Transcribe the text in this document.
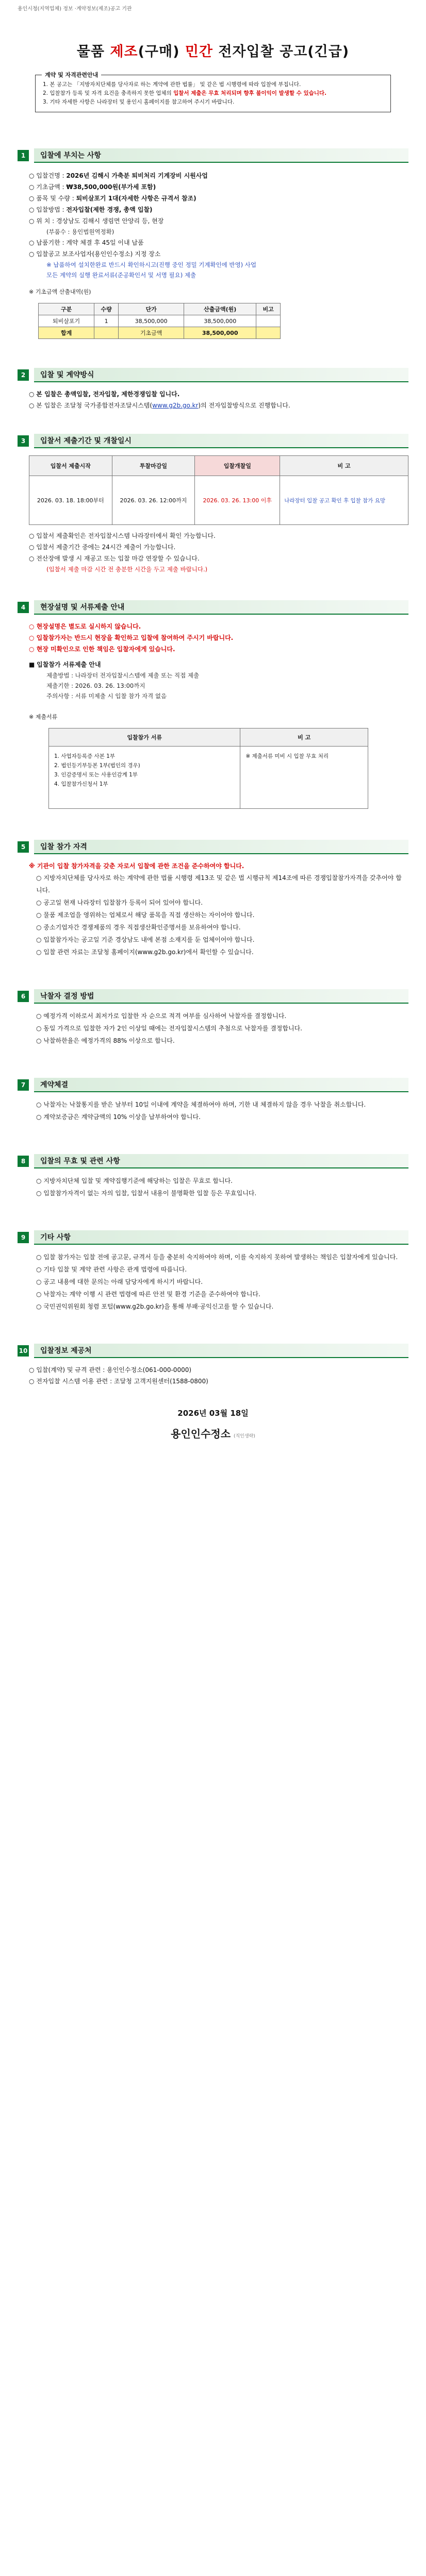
용인시청(지역업체) 정보 ·계약정보(제조)공고 기관
물품 제조(구매) 민간 전자입찰 공고(긴급)
계약 및 자격관련안내
1. 본 공고는 「지방자치단체를 당사자로 하는 계약에 관한 법률」 및 같은 법 시행령에 따라 입찰에 부칩니다.
2. 입찰참가 등록 및 자격 요건을 충족하지 못한 업체의 입찰서 제출은 무효 처리되며 향후 불이익이 발생할 수 있습니다.
3. 기타 자세한 사항은 나라장터 및 용인시 홈페이지를 참고하여 주시기 바랍니다.
1	입찰에 부치는 사항
○ 입찰건명 : 2026년 김해시 가축분 퇴비처리 기계장비 시원사업
○ 기초금액 : ₩38,500,000원(부가세 포함)
○ 품목 및 수량 : 퇴비살포기 1대(자세한 사항은 규격서 참조)
○ 입찰방법 : 전자입찰(제한 경쟁, 총액 입찰)
○ 위 치 : 경상남도 김해시 생림면 안양리 등, 현장
(부품수 : 용인법원역정확)
○ 납품기한 : 계약 체결 후 45일 이내 납품
○ 입찰공고 보조사업자(용인인수정소) 지정 장소
※ 납품하여 설치한완료 반드시 확인하시고(진행 중인 정밀 기계확인에 반영) 사업
모든 계약의 실행 완료서류(준공확인서 및 서명 필요) 제출
※ 기초금액 산출내역(원)
구분	수량	단가	산출금액(원)	비고
퇴비살포기	1	38,500,000	38,500,000	
합계		기초금액	38,500,000	
2	입찰 및 계약방식
○ 본 입찰은 총액입찰, 전자입찰, 제한경쟁입찰 입니다.
○ 본 입찰은 조달청 국가종합전자조달시스템(www.g2b.go.kr)의 전자입찰방식으로 진행합니다.
3	입찰서 제출기간 및 개찰일시
입찰서 제출시작	투찰마감일	입찰개찰일	비 고
2026. 03. 18. 18:00부터	2026. 03. 26. 12:00까지	2026. 03. 26. 13:00 이후	나라장터 입찰 공고 확인 후 입찰 참가 요망
○ 입찰서 제출확인은 전자입찰시스템 나라장터에서 확인 가능합니다.
○ 입찰서 제출기간 중에는 24시간 제출이 가능합니다.
○ 전산장애 발생 시 재공고 또는 입찰 마감 연장할 수 있습니다.
(입찰서 제출 마감 시간 전 충분한 시간을 두고 제출 바랍니다.)
4	현장설명 및 서류제출 안내
○ 현장설명은 별도로 실시하지 않습니다.
○ 입찰참가자는 반드시 현장을 확인하고 입찰에 참여하여 주시기 바랍니다.
○ 현장 미확인으로 인한 책임은 입찰자에게 있습니다.
■ 입찰참가 서류제출 안내
제출방법 : 나라장터 전자입찰시스템에 제출 또는 직접 제출
제출기한 : 2026. 03. 26. 13:00까지
주의사항 : 서류 미제출 시 입찰 참가 자격 없음
※ 제출서류
입찰참가 서류	비 고
1. 사업자등록증 사본 1부
2. 법인등기부등본 1부(법인의 경우)
3. 인감증명서 또는 사용인감계 1부
4. 입찰참가신청서 1부	※ 제출서류 미비 시 입찰 무효 처리
5	입찰 참가 자격
※ 기관이 입찰 참가자격을 갖춘 자로서 입찰에 관한 조건을 준수하여야 합니다.
○ 지방자치단체를 당사자로 하는 계약에 관한 법률 시행령 제13조 및 같은 법 시행규칙 제14조에 따른 경쟁입찰참가자격을 갖추어야 합니다.
○ 공고일 현재 나라장터 입찰참가 등록이 되어 있어야 합니다.
○ 물품 제조업을 영위하는 업체로서 해당 품목을 직접 생산하는 자이어야 합니다.
○ 중소기업자간 경쟁제품의 경우 직접생산확인증명서를 보유하여야 합니다.
○ 입찰참가자는 공고일 기준 경상남도 내에 본점 소재지를 둔 업체이어야 합니다.
○ 입찰 관련 자료는 조달청 홈페이지(www.g2b.go.kr)에서 확인할 수 있습니다.
6	낙찰자 결정 방법
○ 예정가격 이하로서 최저가로 입찰한 자 순으로 적격 여부를 심사하여 낙찰자를 결정합니다.
○ 동일 가격으로 입찰한 자가 2인 이상일 때에는 전자입찰시스템의 추첨으로 낙찰자를 결정합니다.
○ 낙찰하한율은 예정가격의 88% 이상으로 합니다.
7	계약체결
○ 낙찰자는 낙찰통지를 받은 날부터 10일 이내에 계약을 체결하여야 하며, 기한 내 체결하지 않을 경우 낙찰을 취소합니다.
○ 계약보증금은 계약금액의 10% 이상을 납부하여야 합니다.
8	입찰의 무효 및 관련 사항
○ 지방자치단체 입찰 및 계약집행기준에 해당하는 입찰은 무효로 합니다.
○ 입찰참가자격이 없는 자의 입찰, 입찰서 내용이 불명확한 입찰 등은 무효입니다.
9	기타 사항
○ 입찰 참가자는 입찰 전에 공고문, 규격서 등을 충분히 숙지하여야 하며, 이를 숙지하지 못하여 발생하는 책임은 입찰자에게 있습니다.
○ 기타 입찰 및 계약 관련 사항은 관계 법령에 따릅니다.
○ 공고 내용에 대한 문의는 아래 담당자에게 하시기 바랍니다.
○ 낙찰자는 계약 이행 시 관련 법령에 따른 안전 및 환경 기준을 준수하여야 합니다.
○ 국민권익위원회 청렴 포털(www.g2b.go.kr)을 통해 부패·공익신고를 할 수 있습니다.
10	입찰정보 제공처
○ 입찰(계약) 및 규격 관련 : 용인인수정소(061-000-0000)
○ 전자입찰 시스템 이용 관련 : 조달청 고객지원센터(1588-0800)
2026년 03월 18일
용인인수정소 (직인생략)
